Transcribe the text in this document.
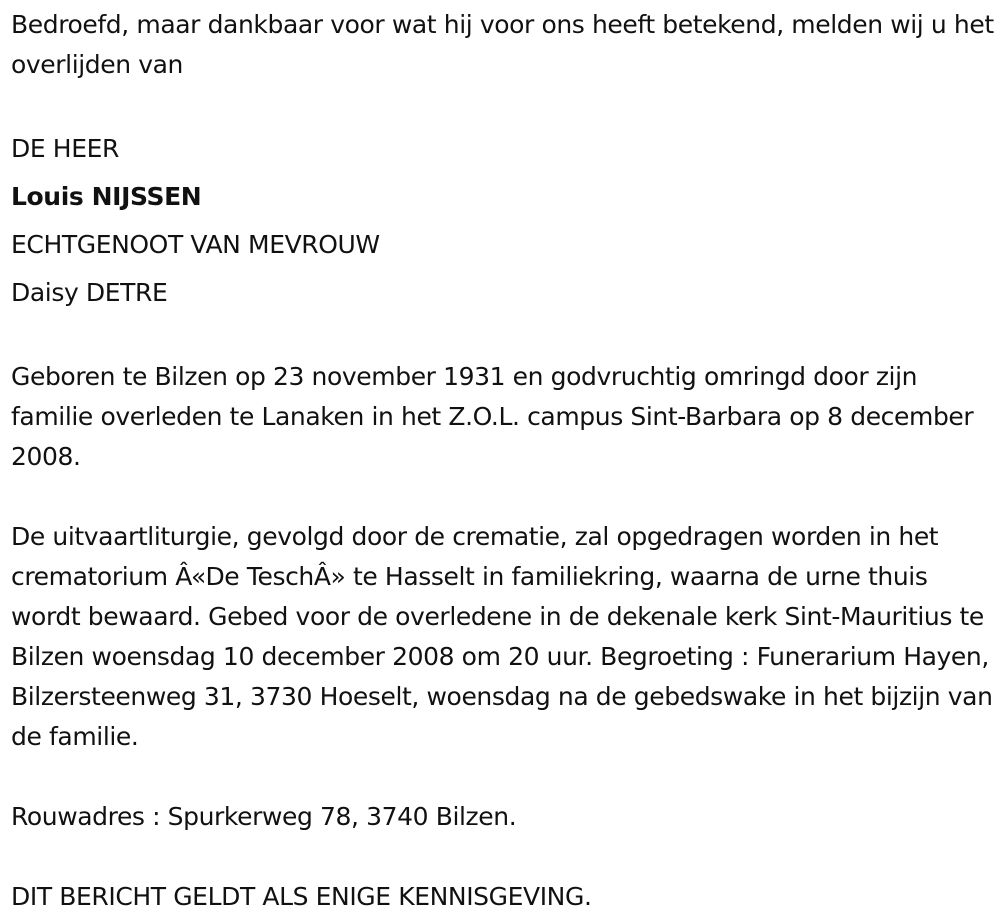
Bedroefd, maar dankbaar voor wat hij voor ons heeft betekend, melden wij u het overlijden van

DE HEER

Louis NIJSSEN

ECHTGENOOT VAN MEVROUW

Daisy DETRE

Geboren te Bilzen op 23 november 1931 en godvruchtig omringd door zijn familie overleden te Lanaken in het Z.O.L. campus Sint-Barbara op 8 december 2008.

De uitvaartliturgie, gevolgd door de crematie, zal opgedragen worden in het crematorium Â«De TeschÂ» te Hasselt in familiekring, waarna de urne thuis wordt bewaard. Gebed voor de overledene in de dekenale kerk Sint-Mauritius te Bilzen woensdag 10 december 2008 om 20 uur. Begroeting : Funerarium Hayen, Bilzersteenweg 31, 3730 Hoeselt, woensdag na de gebedswake in het bijzijn van de familie.

Rouwadres : Spurkerweg 78, 3740 Bilzen.

DIT BERICHT GELDT ALS ENIGE KENNISGEVING.
